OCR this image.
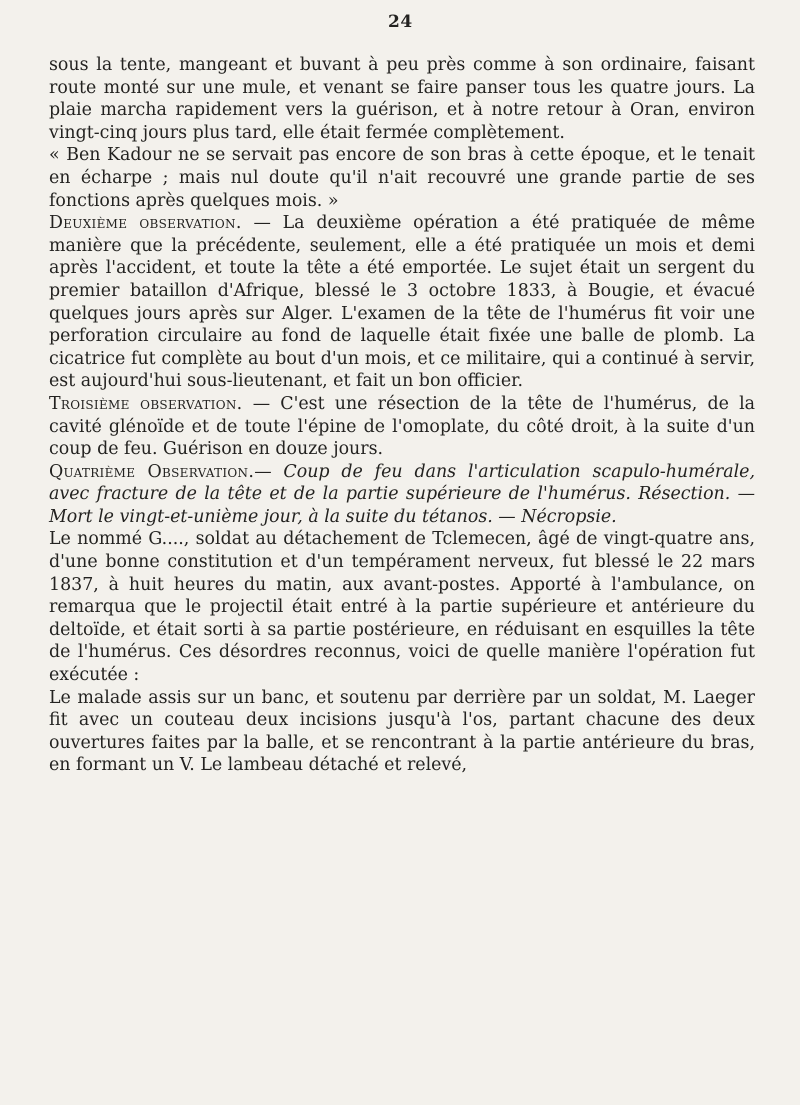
24

sous la tente, mangeant et buvant à peu près comme à son ordinaire, faisant route monté sur une mule, et venant se faire panser tous les quatre jours. La plaie marcha rapidement vers la guérison, et à notre retour à Oran, environ vingt-cinq jours plus tard, elle était fermée complètement.

« Ben Kadour ne se servait pas encore de son bras à cette époque, et le tenait en écharpe ; mais nul doute qu'il n'ait recouvré une grande partie de ses fonctions après quelques mois. »

Deuxième observation. — La deuxième opération a été pratiquée de même manière que la précédente, seulement, elle a été pratiquée un mois et demi après l'accident, et toute la tête a été emportée. Le sujet était un sergent du premier bataillon d'Afrique, blessé le 3 octobre 1833, à Bougie, et évacué quelques jours après sur Alger. L'examen de la tête de l'humérus fit voir une perforation circulaire au fond de laquelle était fixée une balle de plomb. La cicatrice fut complète au bout d'un mois, et ce militaire, qui a continué à servir, est aujourd'hui sous-lieutenant, et fait un bon officier.

Troisième observation. — C'est une résection de la tête de l'humérus, de la cavité glénoïde et de toute l'épine de l'omoplate, du côté droit, à la suite d'un coup de feu. Guérison en douze jours.

Quatrième Observation.— Coup de feu dans l'articulation scapulo-humérale, avec fracture de la tête et de la partie supérieure de l'humérus. Résection. — Mort le vingt-et-unième jour, à la suite du tétanos. — Nécropsie.

Le nommé G...., soldat au détachement de Tclemecen, âgé de vingt-quatre ans, d'une bonne constitution et d'un tempérament nerveux, fut blessé le 22 mars 1837, à huit heures du matin, aux avant-postes. Apporté à l'ambulance, on remarqua que le projectil était entré à la partie supérieure et antérieure du deltoïde, et était sorti à sa partie postérieure, en réduisant en esquilles la tête de l'humérus. Ces désordres reconnus, voici de quelle manière l'opération fut exécutée :

Le malade assis sur un banc, et soutenu par derrière par un soldat, M. Laeger fit avec un couteau deux incisions jusqu'à l'os, partant chacune des deux ouvertures faites par la balle, et se rencontrant à la partie antérieure du bras, en formant un V. Le lambeau détaché et relevé,
